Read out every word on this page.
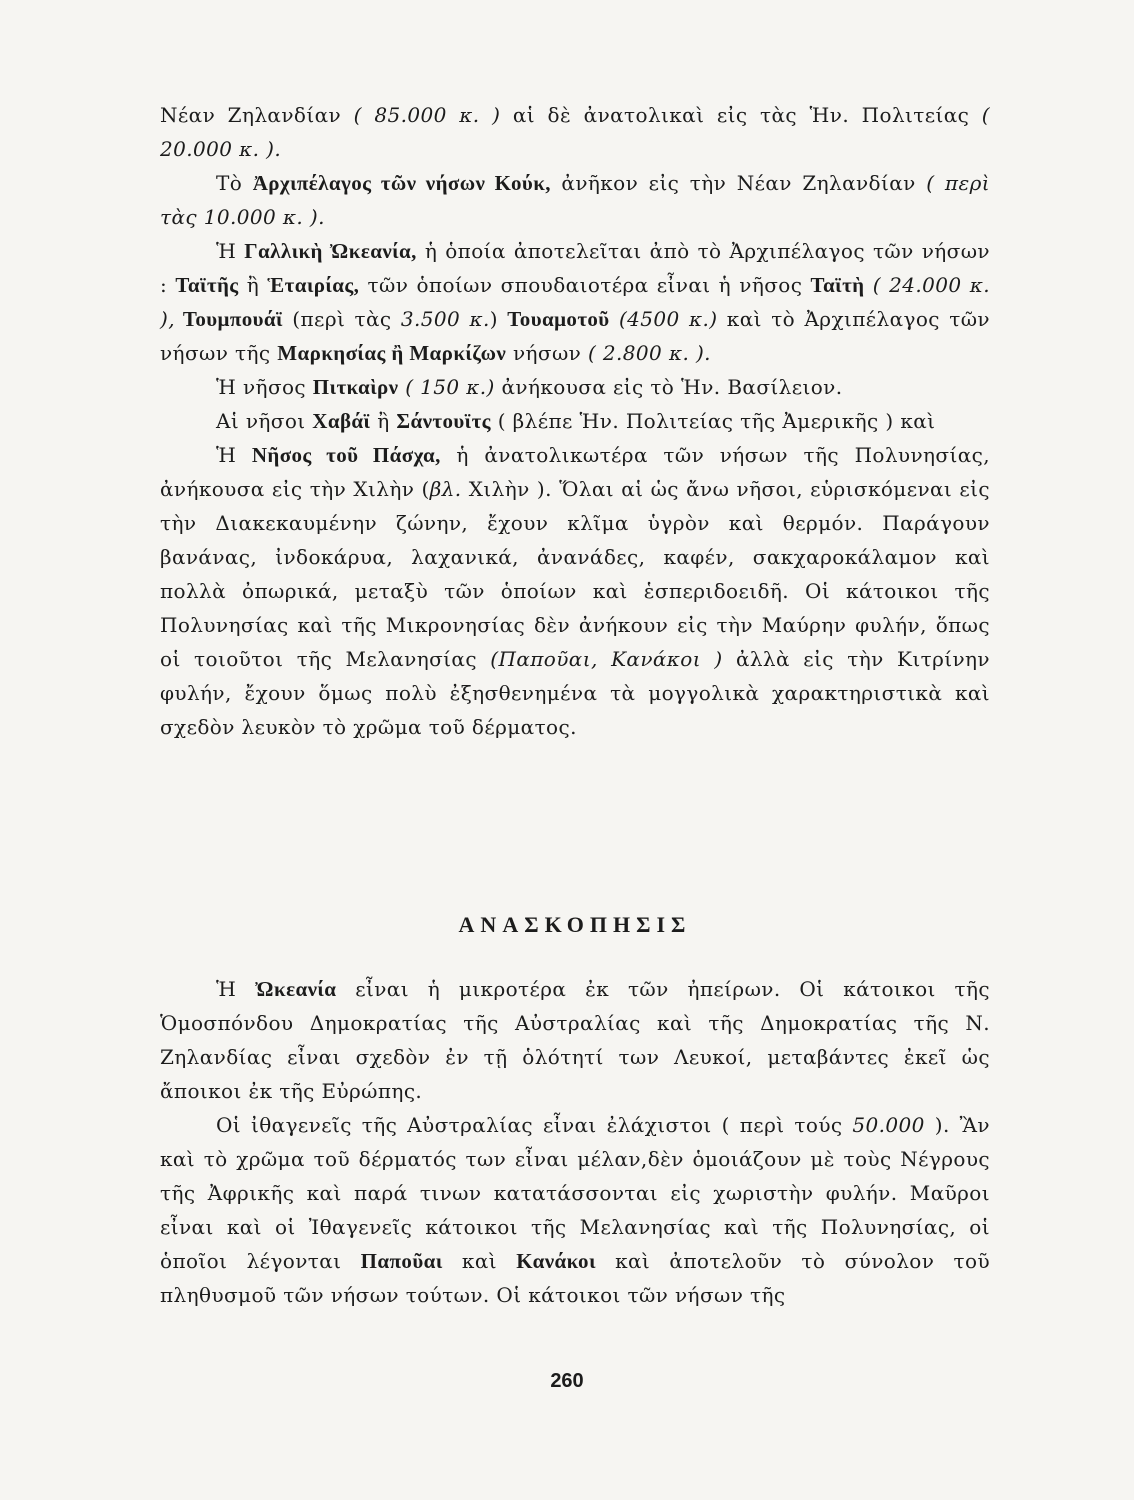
Νέαν Ζηλανδίαν ( 85.000 κ. ) αἱ δὲ ἀνατολικαὶ εἰς τὰς Ἡν. Πολιτείας ( 20.000 κ. ).

Τὸ Ἀρχιπέλαγος τῶν νήσων Κούκ, ἀνῆκον εἰς τὴν Νέαν Ζηλανδίαν ( περὶ τὰς 10.000 κ. ).

Ἡ Γαλλικὴ Ὠκεανία, ἡ ὁποία ἀποτελεῖται ἀπὸ τὸ Ἀρχιπέλαγος τῶν νήσων : Ταϊτῆς ἢ Ἑταιρίας, τῶν ὁποίων σπουδαιοτέρα εἶναι ἡ νῆσος Ταϊτὴ ( 24.000 κ. ), Τουμπουάϊ (περὶ τὰς 3.500 κ.) Τουαμοτοῦ (4500 κ.) καὶ τὸ Ἀρχιπέλαγος τῶν νήσων τῆς Μαρκησίας ἢ Μαρκίζων νήσων ( 2.800 κ. ).

Ἡ νῆσος Πιτκαὶρν ( 150 κ.) ἀνήκουσα εἰς τὸ Ἡν. Βασίλειον.

Αἱ νῆσοι Χαβάϊ ἢ Σάντουϊτς ( βλέπε Ἡν. Πολιτείας τῆς Ἀμερικῆς ) καὶ

Ἡ Νῆσος τοῦ Πάσχα, ἡ ἀνατολικωτέρα τῶν νήσων τῆς Πολυνησίας, ἀνήκουσα εἰς τὴν Χιλὴν (βλ. Χιλὴν ). Ὅλαι αἱ ὡς ἄνω νῆσοι, εὑρισκόμεναι εἰς τὴν Διακεκαυμένην ζώνην, ἔχουν κλῖμα ὑγρὸν καὶ θερμόν. Παράγουν βανάνας, ἰνδοκάρυα, λαχανικά, ἀνανάδες, καφέν, σακχαροκάλαμον καὶ πολλὰ ὀπωρικά, μεταξὺ τῶν ὁποίων καὶ ἑσπεριδοειδῆ. Οἱ κάτοικοι τῆς Πολυνησίας καὶ τῆς Μικρονησίας δὲν ἀνήκουν εἰς τὴν Μαύρην φυλήν, ὅπως οἱ τοιοῦτοι τῆς Μελανησίας (Παποῦαι, Κανάκοι ) ἀλλὰ εἰς τὴν Κιτρίνην φυλήν, ἔχουν ὅμως πολὺ ἐξησθενημένα τὰ μογγολικὰ χαρακτηριστικὰ καὶ σχεδὸν λευκὸν τὸ χρῶμα τοῦ δέρματος.

ΑΝΑΣΚΟΠΗΣΙΣ

Ἡ Ὠκεανία εἶναι ἡ μικροτέρα ἐκ τῶν ἠπείρων. Οἱ κάτοικοι τῆς Ὁμοσπόνδου Δημοκρατίας τῆς Αὐστραλίας καὶ τῆς Δημοκρατίας τῆς Ν. Ζηλανδίας εἶναι σχεδὸν ἐν τῇ ὁλότητί των Λευκοί, μεταβάντες ἐκεῖ ὡς ἄποικοι ἐκ τῆς Εὐρώπης.

Οἱ ἰθαγενεῖς τῆς Αὐστραλίας εἶναι ἐλάχιστοι ( περὶ τούς 50.000 ). Ἂν καὶ τὸ χρῶμα τοῦ δέρματός των εἶναι μέλαν,δὲν ὁμοιάζουν μὲ τοὺς Νέγρους τῆς Ἀφρικῆς καὶ παρά τινων κατατάσσονται εἰς χωριστὴν φυλήν. Μαῦροι εἶναι καὶ οἱ Ἰθαγενεῖς κάτοικοι τῆς Μελανησίας καὶ τῆς Πολυνησίας, οἱ ὁποῖοι λέγονται Παποῦαι καὶ Κανάκοι καὶ ἀποτελοῦν τὸ σύνολον τοῦ πληθυσμοῦ τῶν νήσων τούτων. Οἱ κάτοικοι τῶν νήσων τῆς

260
